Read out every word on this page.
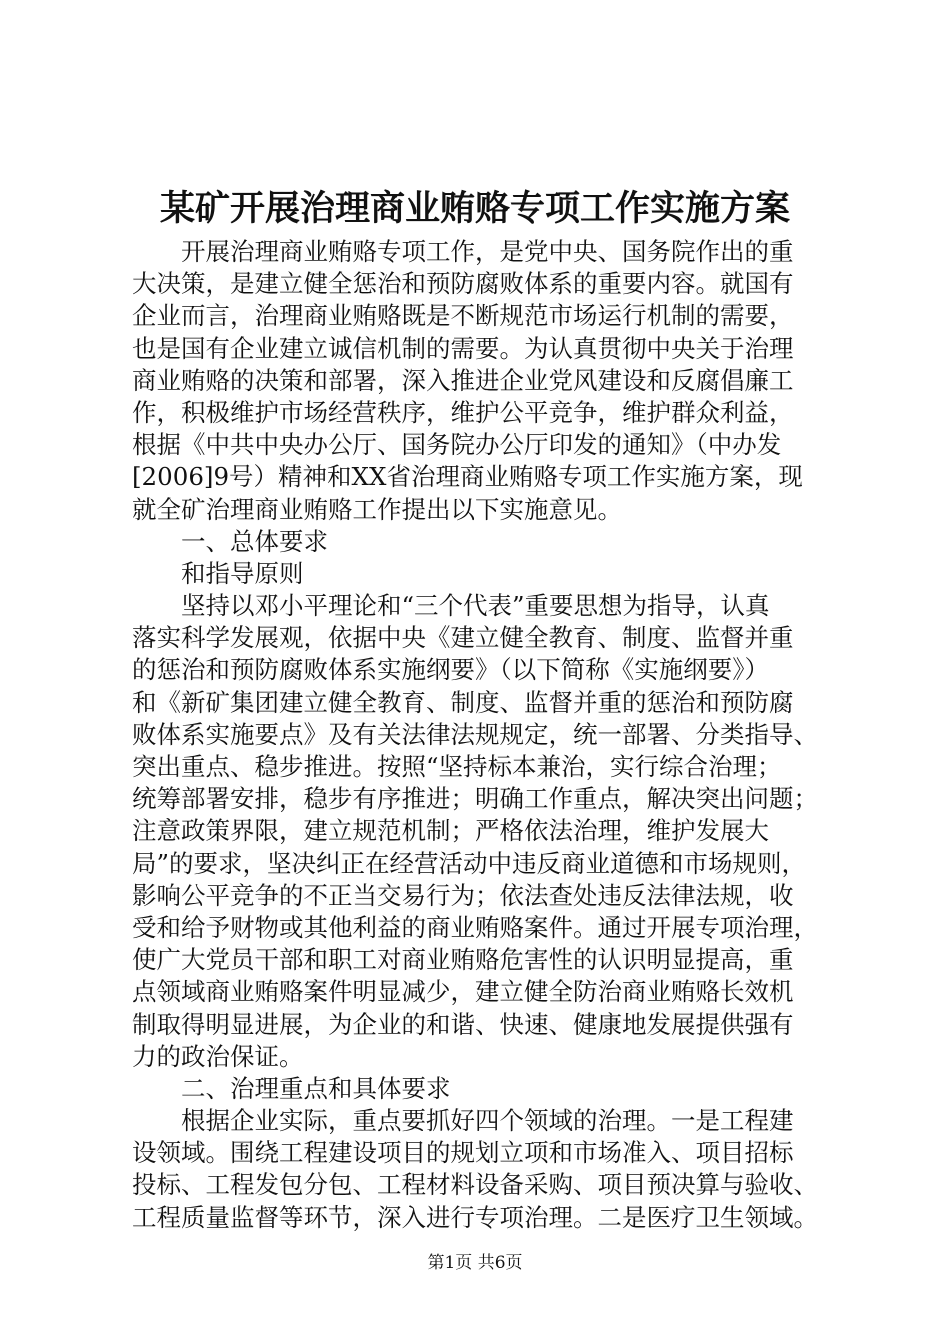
某矿开展治理商业贿赂专项工作实施方案
开展治理商业贿赂专项工作，是党中央、国务院作出的重
大决策，是建立健全惩治和预防腐败体系的重要内容。就国有
企业而言，治理商业贿赂既是不断规范市场运行机制的需要，
也是国有企业建立诚信机制的需要。为认真贯彻中央关于治理
商业贿赂的决策和部署，深入推进企业党风建设和反腐倡廉工
作，积极维护市场经营秩序，维护公平竞争，维护群众利益，
根据《中共中央办公厅、国务院办公厅印发的通知》（中办发
[2006]9号）精神和XX省治理商业贿赂专项工作实施方案，现
就全矿治理商业贿赂工作提出以下实施意见。
一、总体要求
和指导原则
坚持以邓小平理论和“三个代表”重要思想为指导，认真
落实科学发展观，依据中央《建立健全教育、制度、监督并重
的惩治和预防腐败体系实施纲要》（以下简称《实施纲要》）
和《新矿集团建立健全教育、制度、监督并重的惩治和预防腐
败体系实施要点》及有关法律法规规定，统一部署、分类指导、
突出重点、稳步推进。按照“坚持标本兼治，实行综合治理；
统筹部署安排，稳步有序推进；明确工作重点，解决突出问题；
注意政策界限，建立规范机制；严格依法治理，维护发展大
局”的要求，坚决纠正在经营活动中违反商业道德和市场规则，
影响公平竞争的不正当交易行为；依法查处违反法律法规，收
受和给予财物或其他利益的商业贿赂案件。通过开展专项治理，
使广大党员干部和职工对商业贿赂危害性的认识明显提高，重
点领域商业贿赂案件明显减少，建立健全防治商业贿赂长效机
制取得明显进展，为企业的和谐、快速、健康地发展提供强有
力的政治保证。
二、治理重点和具体要求
根据企业实际，重点要抓好四个领域的治理。一是工程建
设领域。围绕工程建设项目的规划立项和市场准入、项目招标
投标、工程发包分包、工程材料设备采购、项目预决算与验收、
工程质量监督等环节，深入进行专项治理。二是医疗卫生领域。
第1页 共6页
